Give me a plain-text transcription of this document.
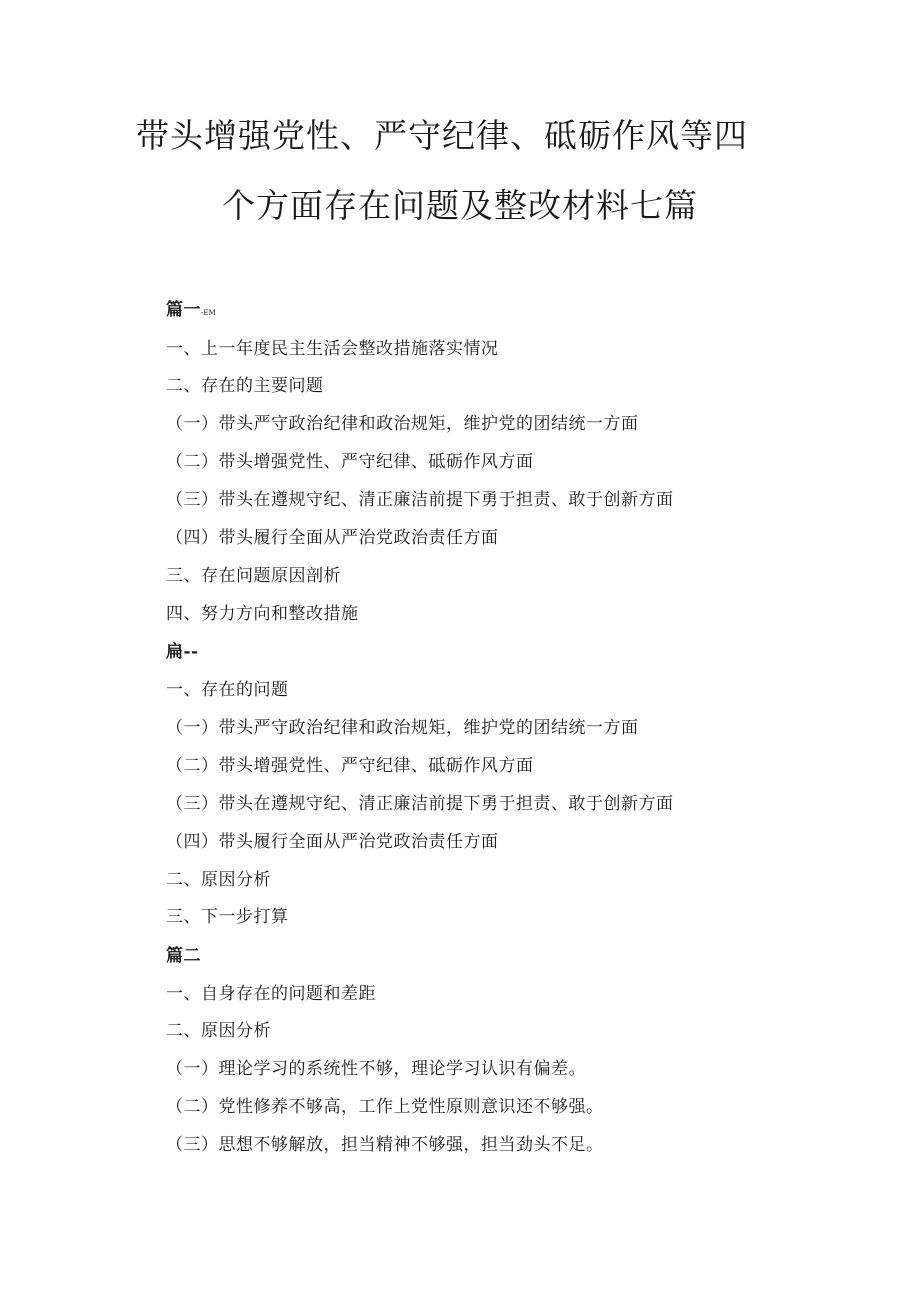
带头增强党性、严守纪律、砥砺作风等四
个方面存在问题及整改材料七篇
篇一-EM
一、上一年度民主生活会整改措施落实情况
二、存在的主要问题
（一）带头严守政治纪律和政治规矩，维护党的团结统一方面
（二）带头增强党性、严守纪律、砥砺作风方面
（三）带头在遵规守纪、清正廉洁前提下勇于担责、敢于创新方面
（四）带头履行全面从严治党政治责任方面
三、存在问题原因剖析
四、努力方向和整改措施
扁--
一、存在的问题
（一）带头严守政治纪律和政治规矩，维护党的团结统一方面
（二）带头增强党性、严守纪律、砥砺作风方面
（三）带头在遵规守纪、清正廉洁前提下勇于担责、敢于创新方面
（四）带头履行全面从严治党政治责任方面
二、原因分析
三、下一步打算
篇二
一、自身存在的问题和差距
二、原因分析
（一）理论学习的系统性不够，理论学习认识有偏差。
（二）党性修养不够高，工作上党性原则意识还不够强。
（三）思想不够解放，担当精神不够强，担当劲头不足。
